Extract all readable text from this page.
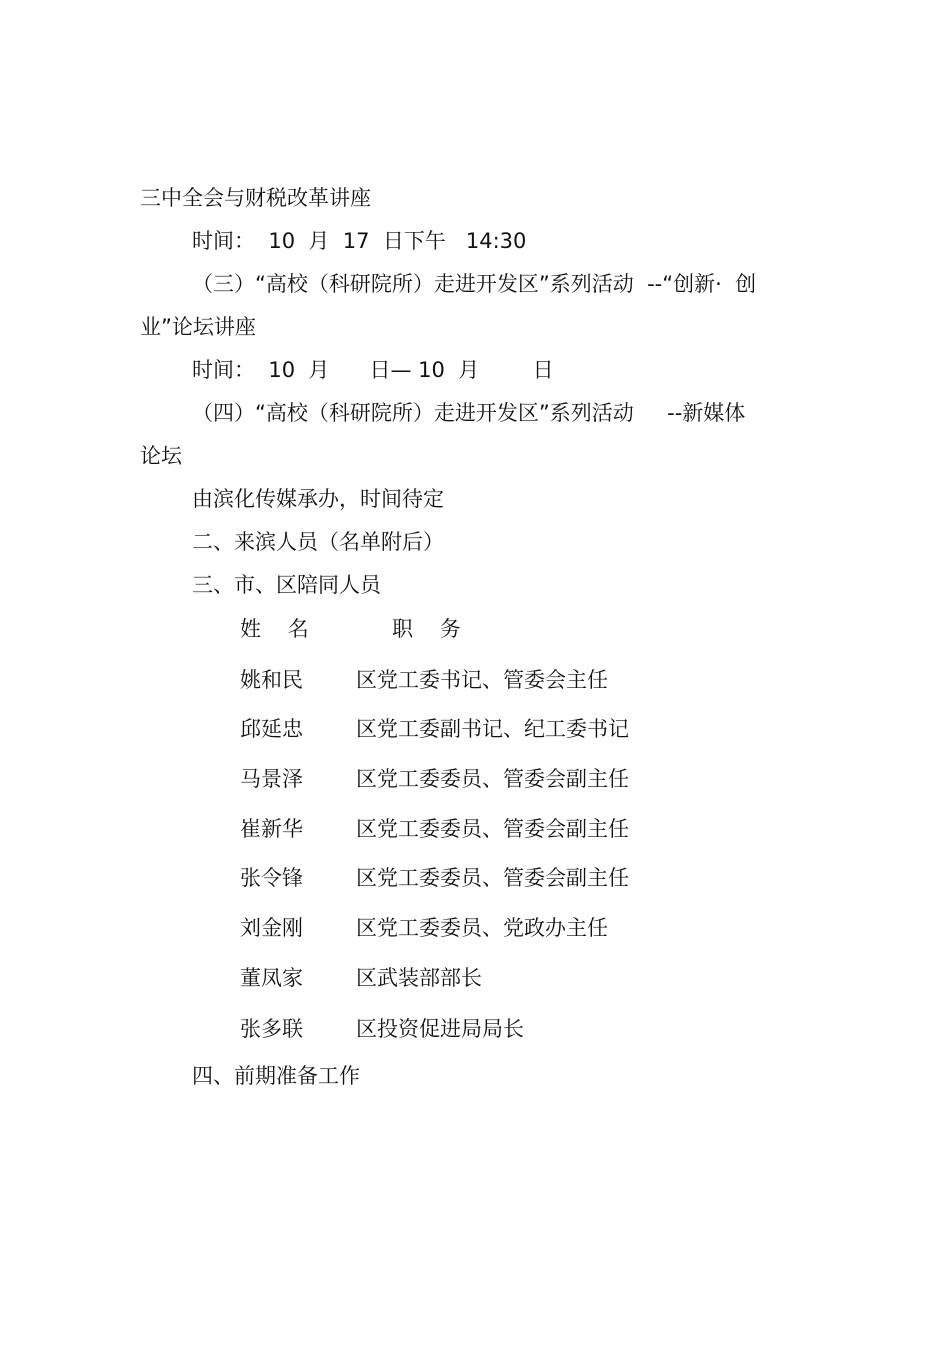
三中全会与财税改革讲座
时间：  10  月  17  日下午   14:30
（三）“高校（科研院所）走进开发区”系列活动  --“创新·  创
业”论坛讲座
时间：  10  月      日— 10  月        日
（四）“高校（科研院所）走进开发区”系列活动     --新媒体
论坛
由滨化传媒承办，时间待定
二、来滨人员（名单附后）
三、市、区陪同人员
姓    名	职    务
姚和民	区党工委书记、管委会主任
邱延忠	区党工委副书记、纪工委书记
马景泽	区党工委委员、管委会副主任
崔新华	区党工委委员、管委会副主任
张令锋	区党工委委员、管委会副主任
刘金刚	区党工委委员、党政办主任
董凤家	区武装部部长
张多联	区投资促进局局长
四、前期准备工作
